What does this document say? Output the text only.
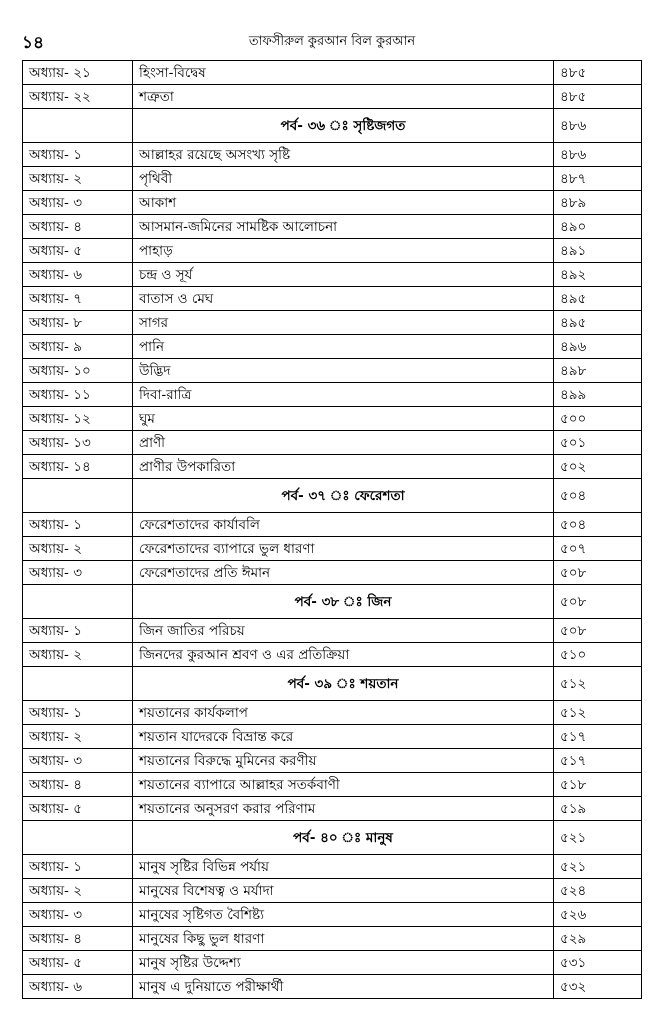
১৪	তাফসীরুল কুরআন বিল কুরআন
অধ্যায়- ২১	হিংসা-বিদ্বেষ	৪৮৫
অধ্যায়- ২২	শত্রুতা	৪৮৫
	পর্ব- ৩৬ ঃ সৃষ্টিজগত	৪৮৬
অধ্যায়- ১	আল্লাহর রয়েছে অসংখ্য সৃষ্টি	৪৮৬
অধ্যায়- ২	পৃথিবী	৪৮৭
অধ্যায়- ৩	আকাশ	৪৮৯
অধ্যায়- ৪	আসমান-জমিনের সামষ্টিক আলোচনা	৪৯০
অধ্যায়- ৫	পাহাড়	৪৯১
অধ্যায়- ৬	চন্দ্র ও সূর্য	৪৯২
অধ্যায়- ৭	বাতাস ও মেঘ	৪৯৫
অধ্যায়- ৮	সাগর	৪৯৫
অধ্যায়- ৯	পানি	৪৯৬
অধ্যায়- ১০	উদ্ভিদ	৪৯৮
অধ্যায়- ১১	দিবা-রাত্রি	৪৯৯
অধ্যায়- ১২	ঘুম	৫০০
অধ্যায়- ১৩	প্রাণী	৫০১
অধ্যায়- ১৪	প্রাণীর উপকারিতা	৫০২
	পর্ব- ৩৭ ঃ ফেরেশতা	৫০৪
অধ্যায়- ১	ফেরেশতাদের কার্যাবলি	৫০৪
অধ্যায়- ২	ফেরেশতাদের ব্যাপারে ভুল ধারণা	৫০৭
অধ্যায়- ৩	ফেরেশতাদের প্রতি ঈমান	৫০৮
	পর্ব- ৩৮ ঃ জিন	৫০৮
অধ্যায়- ১	জিন জাতির পরিচয়	৫০৮
অধ্যায়- ২	জিনদের কুরআন শ্রবণ ও এর প্রতিক্রিয়া	৫১০
	পর্ব- ৩৯ ঃ শয়তান	৫১২
অধ্যায়- ১	শয়তানের কার্যকলাপ	৫১২
অধ্যায়- ২	শয়তান যাদেরকে বিভ্রান্ত করে	৫১৭
অধ্যায়- ৩	শয়তানের বিরুদ্ধে মুমিনের করণীয়	৫১৭
অধ্যায়- ৪	শয়তানের ব্যাপারে আল্লাহর সতর্কবাণী	৫১৮
অধ্যায়- ৫	শয়তানের অনুসরণ করার পরিণাম	৫১৯
	পর্ব- ৪০ ঃ মানুষ	৫২১
অধ্যায়- ১	মানুষ সৃষ্টির বিভিন্ন পর্যায়	৫২১
অধ্যায়- ২	মানুষের বিশেষত্ব ও মর্যাদা	৫২৪
অধ্যায়- ৩	মানুষের সৃষ্টিগত বৈশিষ্ট্য	৫২৬
অধ্যায়- ৪	মানুষের কিছু ভুল ধারণা	৫২৯
অধ্যায়- ৫	মানুষ সৃষ্টির উদ্দেশ্য	৫৩১
অধ্যায়- ৬	মানুষ এ দুনিয়াতে পরীক্ষার্থী	৫৩২
